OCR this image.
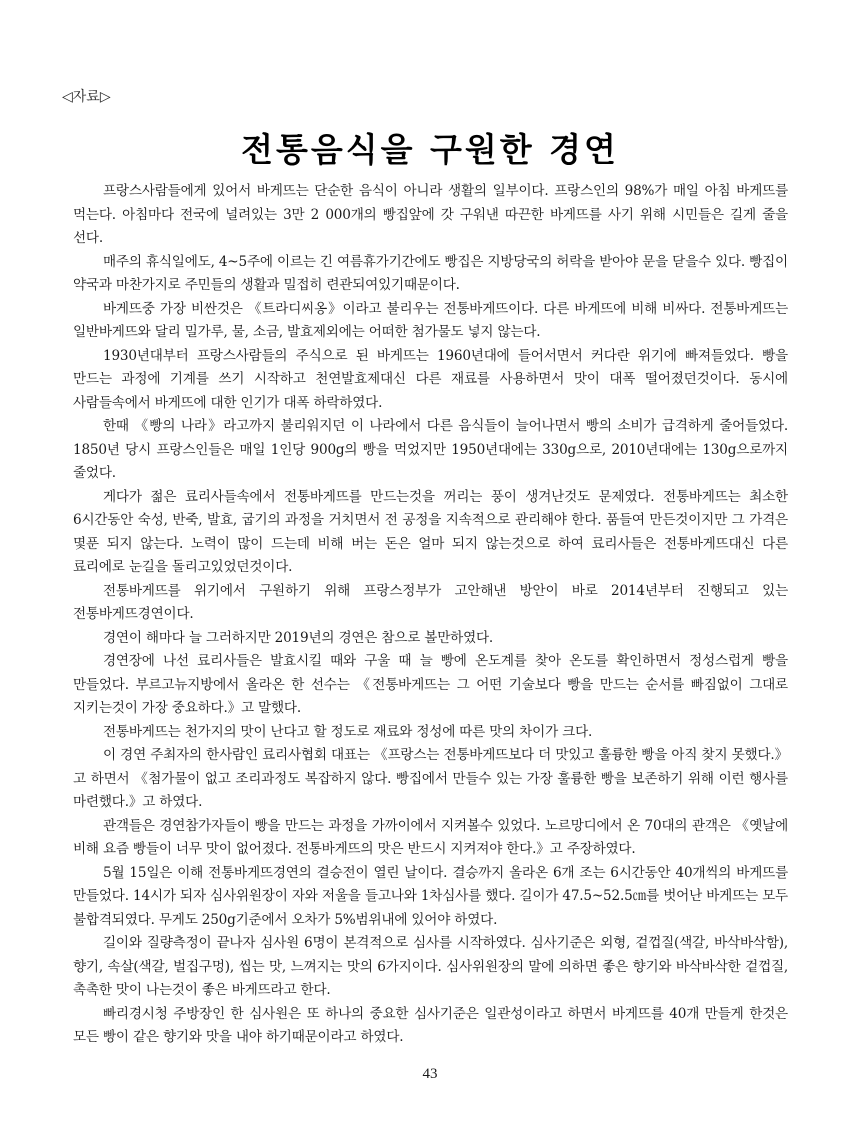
◁자료▷
전통음식을 구원한 경연

프랑스사람들에게 있어서 바게뜨는 단순한 음식이 아니라 생활의 일부이다. 프랑스인의 98%가 매일 아침 바게뜨를 먹는다. 아침마다 전국에 널려있는 3만 2 000개의 빵집앞에 갓 구워낸 따끈한 바게뜨를 사기 위해 시민들은 길게 줄을 선다.

매주의 휴식일에도, 4~5주에 이르는 긴 여름휴가기간에도 빵집은 지방당국의 허락을 받아야 문을 닫을수 있다. 빵집이 약국과 마찬가지로 주민들의 생활과 밀접히 련관되여있기때문이다.

바게뜨중 가장 비싼것은 《트라디씨옹》이라고 불리우는 전통바게뜨이다. 다른 바게뜨에 비해 비싸다. 전통바게뜨는 일반바게뜨와 달리 밀가루, 물, 소금, 발효제외에는 어떠한 첨가물도 넣지 않는다.

1930년대부터 프랑스사람들의 주식으로 된 바게뜨는 1960년대에 들어서면서 커다란 위기에 빠져들었다. 빵을 만드는 과정에 기계를 쓰기 시작하고 천연발효제대신 다른 재료를 사용하면서 맛이 대폭 떨어졌던것이다. 동시에 사람들속에서 바게뜨에 대한 인기가 대폭 하락하였다.

한때 《빵의 나라》라고까지 불리워지던 이 나라에서 다른 음식들이 늘어나면서 빵의 소비가 급격하게 줄어들었다. 1850년 당시 프랑스인들은 매일 1인당 900g의 빵을 먹었지만 1950년대에는 330g으로, 2010년대에는 130g으로까지 줄었다.

게다가 젊은 료리사들속에서 전통바게뜨를 만드는것을 꺼리는 풍이 생겨난것도 문제였다. 전통바게뜨는 최소한 6시간동안 숙성, 반죽, 발효, 굽기의 과정을 거치면서 전 공정을 지속적으로 관리해야 한다. 품들여 만든것이지만 그 가격은 몇푼 되지 않는다. 노력이 많이 드는데 비해 버는 돈은 얼마 되지 않는것으로 하여 료리사들은 전통바게뜨대신 다른 료리에로 눈길을 돌리고있었던것이다.

전통바게뜨를 위기에서 구원하기 위해 프랑스정부가 고안해낸 방안이 바로 2014년부터 진행되고 있는 전통바게뜨경연이다.

경연이 해마다 늘 그러하지만 2019년의 경연은 참으로 볼만하였다.

경연장에 나선 료리사들은 발효시킬 때와 구울 때 늘 빵에 온도계를 찾아 온도를 확인하면서 정성스럽게 빵을 만들었다. 부르고뉴지방에서 올라온 한 선수는 《전통바게뜨는 그 어떤 기술보다 빵을 만드는 순서를 빠짐없이 그대로 지키는것이 가장 중요하다.》고 말했다.

전통바게뜨는 천가지의 맛이 난다고 할 정도로 재료와 정성에 따른 맛의 차이가 크다.

이 경연 주최자의 한사람인 료리사협회 대표는 《프랑스는 전통바게뜨보다 더 맛있고 훌륭한 빵을 아직 찾지 못했다.》고 하면서 《첨가물이 없고 조리과정도 복잡하지 않다. 빵집에서 만들수 있는 가장 훌륭한 빵을 보존하기 위해 이런 행사를 마련했다.》고 하였다.

관객들은 경연참가자들이 빵을 만드는 과정을 가까이에서 지켜볼수 있었다. 노르망디에서 온 70대의 관객은 《옛날에 비해 요즘 빵들이 너무 맛이 없어졌다. 전통바게뜨의 맛은 반드시 지켜져야 한다.》고 주장하였다.

5월 15일은 이해 전통바게뜨경연의 결승전이 열린 날이다. 결승까지 올라온 6개 조는 6시간동안 40개씩의 바게뜨를 만들었다. 14시가 되자 심사위원장이 자와 저울을 들고나와 1차심사를 했다. 길이가 47.5~52.5㎝를 벗어난 바게뜨는 모두 불합격되였다. 무게도 250g기준에서 오차가 5%범위내에 있어야 하였다.

길이와 질량측정이 끝나자 심사원 6명이 본격적으로 심사를 시작하였다. 심사기준은 외형, 겉껍질(색갈, 바삭바삭함), 향기, 속살(색갈, 벌집구멍), 씹는 맛, 느껴지는 맛의 6가지이다. 심사위원장의 말에 의하면 좋은 향기와 바삭바삭한 겉껍질, 촉촉한 맛이 나는것이 좋은 바게뜨라고 한다.

빠리경시청 주방장인 한 심사원은 또 하나의 중요한 심사기준은 일관성이라고 하면서 바게뜨를 40개 만들게 한것은 모든 빵이 같은 향기와 맛을 내야 하기때문이라고 하였다.

43
